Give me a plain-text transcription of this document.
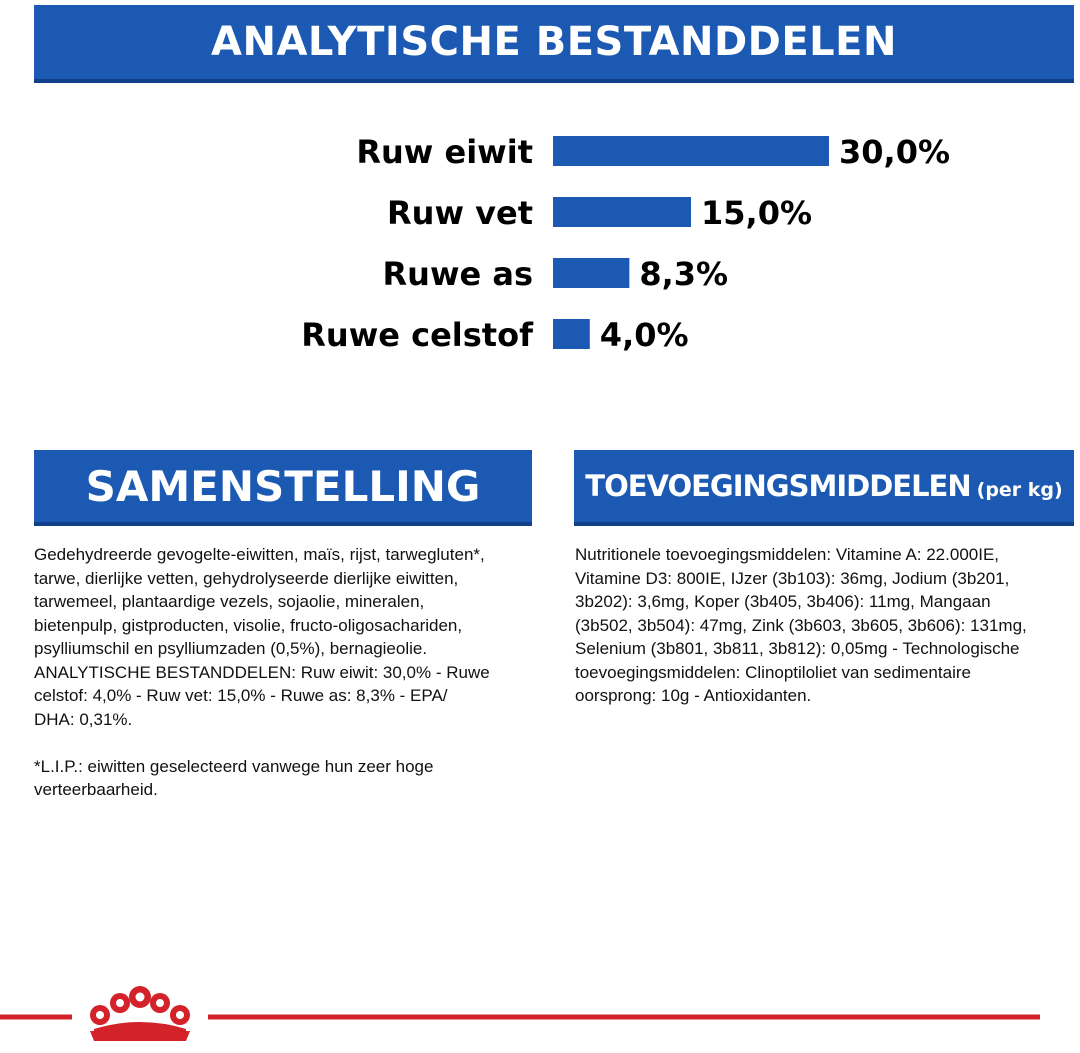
ANALYTISCHE BESTANDDELEN
Ruw eiwit	30,0%
Ruw vet	15,0%
Ruwe as	8,3%
Ruwe celstof 4,0%
SAMENSTELLING	TOEVOEGINGSMIDDELEN (per kg)
Gedehydreerde gevogelte-eiwitten, maïs, rijst, tarwegluten*,
tarwe, dierlijke vetten, gehydrolyseerde dierlijke eiwitten,
tarwemeel, plantaardige vezels, sojaolie, mineralen,
bietenpulp, gistproducten, visolie, fructo-oligosachariden,
psylliumschil en psylliumzaden (0,5%), bernagieolie.
ANALYTISCHE BESTANDDELEN: Ruw eiwit: 30,0% - Ruwe
celstof: 4,0% - Ruw vet: 15,0% - Ruwe as: 8,3% - EPA/
DHA: 0,31%.

*L.I.P.: eiwitten geselecteerd vanwege hun zeer hoge
verteerbaarheid.
Nutritionele toevoegingsmiddelen: Vitamine A: 22.000IE,
Vitamine D3: 800IE, IJzer (3b103): 36mg, Jodium (3b201,
3b202): 3,6mg, Koper (3b405, 3b406): 11mg, Mangaan
(3b502, 3b504): 47mg, Zink (3b603, 3b605, 3b606): 131mg,
Selenium (3b801, 3b811, 3b812): 0,05mg - Technologische
toevoegingsmiddelen: Clinoptiloliet van sedimentaire
oorsprong: 10g - Antioxidanten.
